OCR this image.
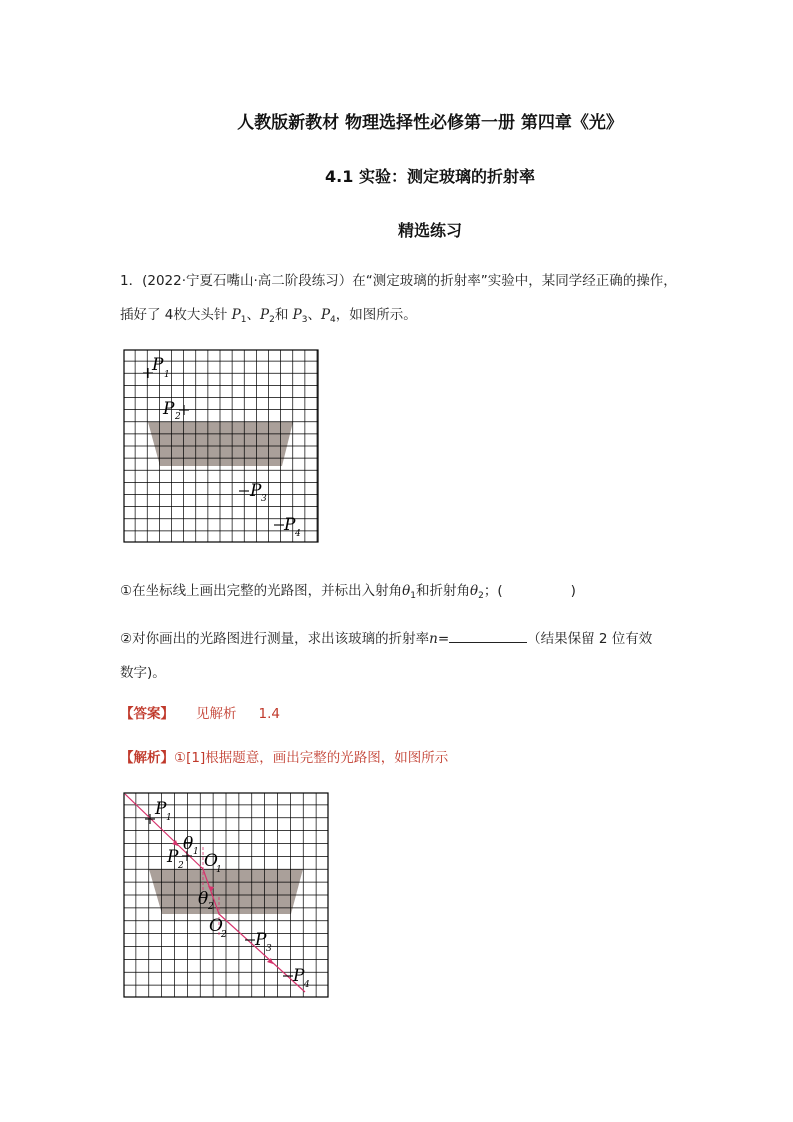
人教版新教材 物理选择性必修第一册 第四章《光》
4.1 实验：测定玻璃的折射率
精选练习
1．(2022·宁夏石嘴山·高二阶段练习）在“测定玻璃的折射率”实验中，某同学经正确的操作，
插好了 4枚大头针 $P_1$、$P_2$和 $P_3$、$P_4$，如图所示。
P 1
P 2
P 3
P 4
①在坐标线上画出完整的光路图，并标出入射角$\theta_1$和折射角$\theta_2$；(	)
②对你画出的光路图进行测量，求出该玻璃的折射率n=	（结果保留 2 位有效
数字)。
【答案】 见解析 1.4
【解析】①[1]根据题意，画出完整的光路图，如图所示
P 1
P 2
P 3
P 4
θ 1 O
1
θ 2
O
2
